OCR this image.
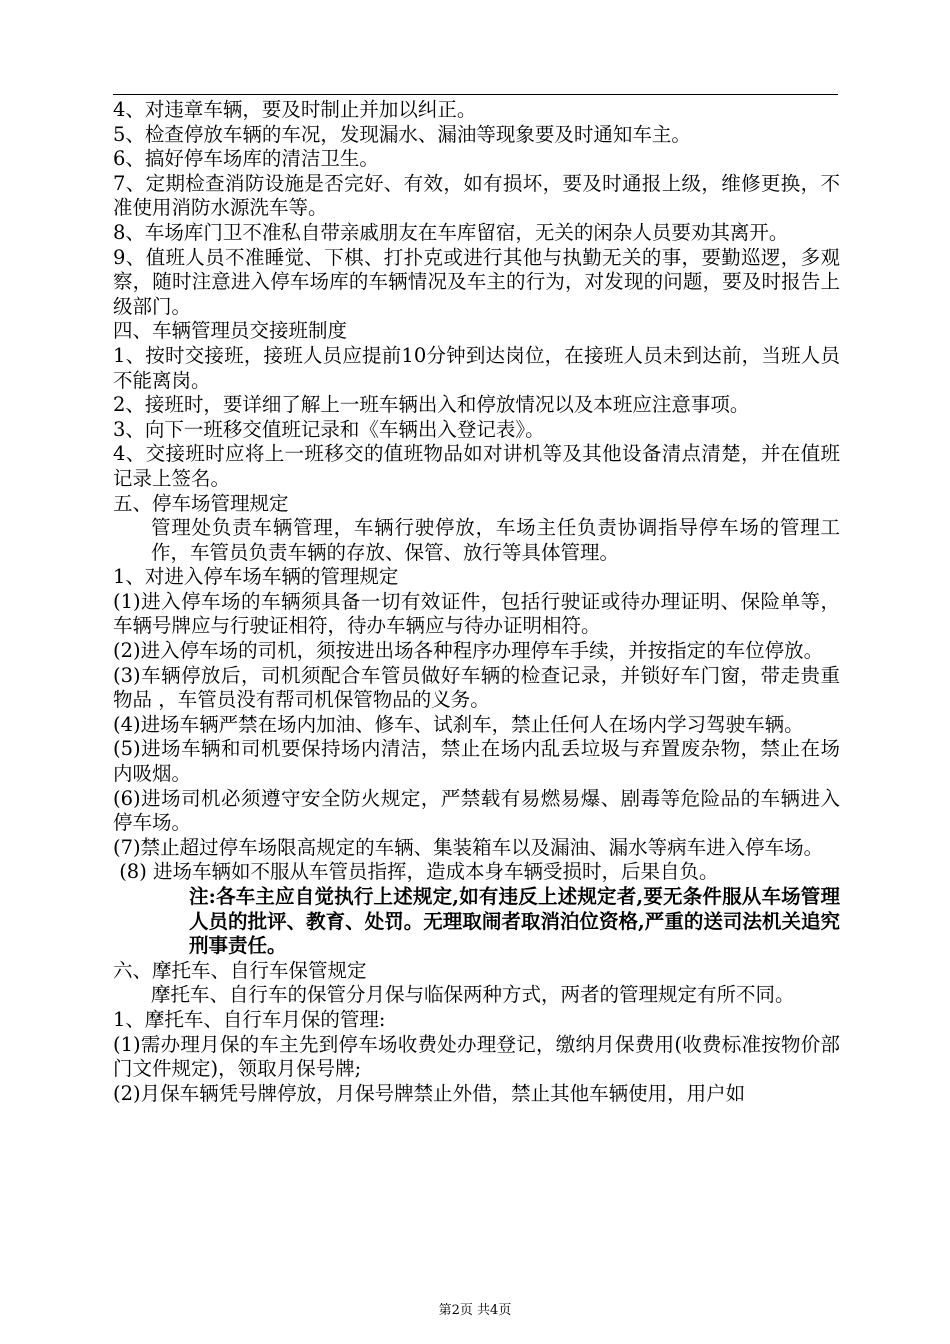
4、对违章车辆，要及时制止并加以纠正。

5、检查停放车辆的车况，发现漏水、漏油等现象要及时通知车主。

6、搞好停车场库的清洁卫生。

7、定期检查消防设施是否完好、有效，如有损坏，要及时通报上级，维修更换，不准使用消防水源洗车等。

8、车场库门卫不准私自带亲戚朋友在车库留宿，无关的闲杂人员要劝其离开。

9、值班人员不准睡觉、下棋、打扑克或进行其他与执勤无关的事，要勤巡逻，多观察，随时注意进入停车场库的车辆情况及车主的行为，对发现的问题，要及时报告上级部门。

四、车辆管理员交接班制度

1、按时交接班，接班人员应提前10分钟到达岗位，在接班人员未到达前，当班人员不能离岗。

2、接班时，要详细了解上一班车辆出入和停放情况以及本班应注意事项。

3、向下一班移交值班记录和《车辆出入登记表》。

4、交接班时应将上一班移交的值班物品如对讲机等及其他设备清点清楚，并在值班记录上签名。

五、停车场管理规定

管理处负责车辆管理，车辆行驶停放，车场主任负责协调指导停车场的管理工作，车管员负责车辆的存放、保管、放行等具体管理。

1、对进入停车场车辆的管理规定

(1)进入停车场的车辆须具备一切有效证件，包括行驶证或待办理证明、保险单等，车辆号牌应与行驶证相符，待办车辆应与待办证明相符。

(2)进入停车场的司机，须按进出场各种程序办理停车手续，并按指定的车位停放。

(3)车辆停放后，司机须配合车管员做好车辆的检查记录，并锁好车门窗，带走贵重物品 ，车管员没有帮司机保管物品的义务。

(4)进场车辆严禁在场内加油、修车、试刹车，禁止任何人在场内学习驾驶车辆。

(5)进场车辆和司机要保持场内清洁，禁止在场内乱丢垃圾与弃置废杂物，禁止在场内吸烟。

(6)进场司机必须遵守安全防火规定，严禁载有易燃易爆、剧毒等危险品的车辆进入停车场。

(7)禁止超过停车场限高规定的车辆、集装箱车以及漏油、漏水等病车进入停车场。

(8) 进场车辆如不服从车管员指挥，造成本身车辆受损时，后果自负。

注:各车主应自觉执行上述规定,如有违反上述规定者,要无条件服从车场管理人员的批评、教育、处罚。无理取闹者取消泊位资格,严重的送司法机关追究刑事责任。

六、摩托车、自行车保管规定

摩托车、自行车的保管分月保与临保两种方式，两者的管理规定有所不同。

1、摩托车、自行车月保的管理:

(1)需办理月保的车主先到停车场收费处办理登记，缴纳月保费用(收费标准按物价部门文件规定)，领取月保号牌;

(2)月保车辆凭号牌停放，月保号牌禁止外借，禁止其他车辆使用，用户如

第2页 共4页
